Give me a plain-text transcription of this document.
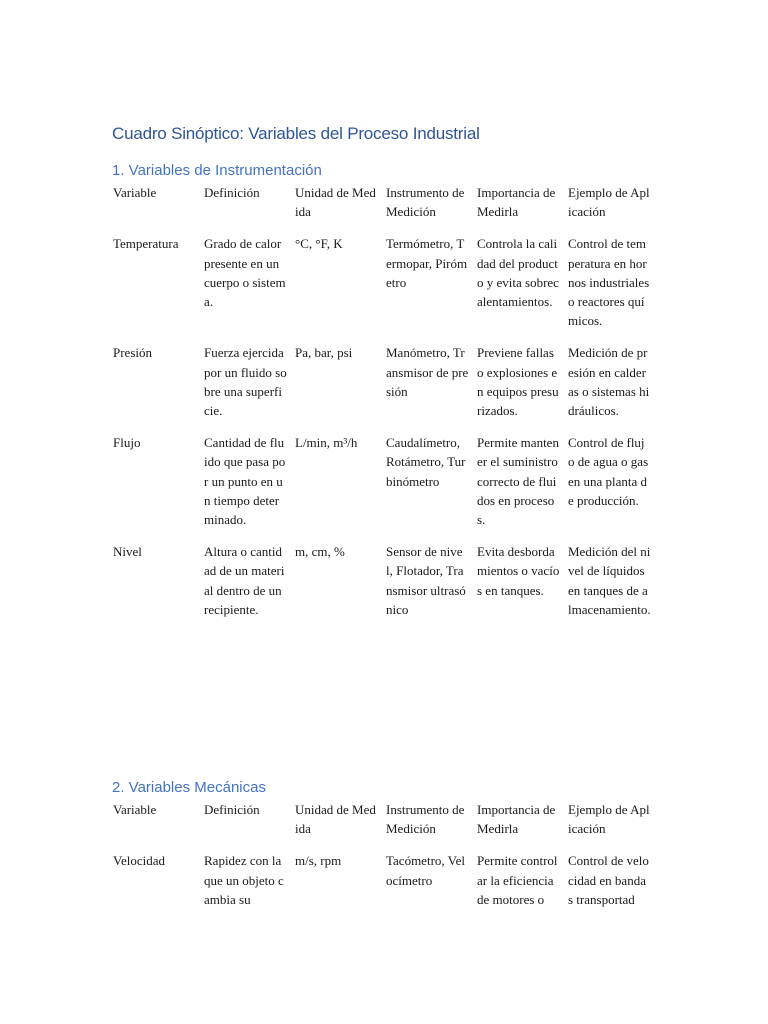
Cuadro Sinóptico: Variables del Proceso Industrial
1. Variables de Instrumentación
Variable	Definición	Unidad de Medida	Instrumento de Medición	Importancia de Medirla	Ejemplo de Aplicación
Temperatura	Grado de calor presente en un cuerpo o sistema.	°C, °F, K	Termómetro, Termopar, Pirómetro	Controla la calidad del producto y evita sobrecalentamientos.	Control de temperatura en hornos industriales o reactores químicos.
Presión	Fuerza ejercida por un fluido sobre una superficie.	Pa, bar, psi	Manómetro, Transmisor de presión	Previene fallas o explosiones en equipos presurizados.	Medición de presión en calderas o sistemas hidráulicos.
Flujo	Cantidad de fluido que pasa por un punto en un tiempo determinado.	L/min, m³/h	Caudalímetro, Rotámetro, Turbinómetro	Permite mantener el suministro correcto de fluidos en procesos.	Control de flujo de agua o gas en una planta de producción.
Nivel	Altura o cantidad de un material dentro de un recipiente.	m, cm, %	Sensor de nivel, Flotador, Transmisor ultrasónico	Evita desbordamientos o vacíos en tanques.	Medición del nivel de líquidos en tanques de almacenamiento.
2. Variables Mecánicas
Variable	Definición	Unidad de Medida	Instrumento de Medición	Importancia de Medirla	Ejemplo de Aplicación
Velocidad	Rapidez con la que un objeto cambia su	m/s, rpm	Tacómetro, Velocímetro	Permite controlar la eficiencia de motores o	Control de velocidad en bandas transportad
